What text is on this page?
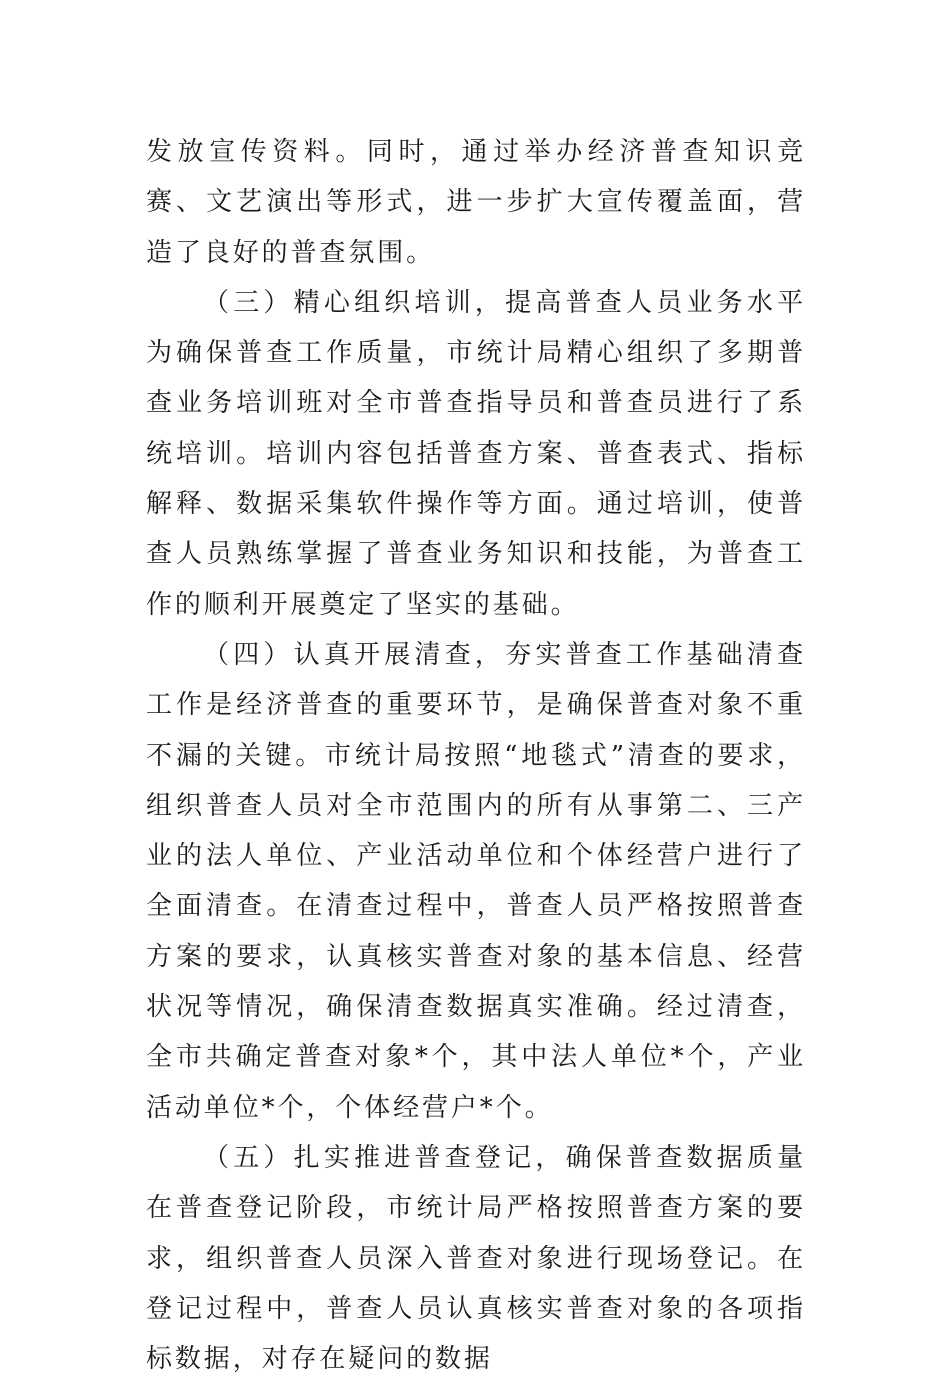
发放宣传资料。同时，通过举办经济普查知识竞赛、文艺演出等形式，进一步扩大宣传覆盖面，营造了良好的普查氛围。

（三）精心组织培训，提高普查人员业务水平为确保普查工作质量，市统计局精心组织了多期普查业务培训班对全市普查指导员和普查员进行了系统培训。培训内容包括普查方案、普查表式、指标解释、数据采集软件操作等方面。通过培训，使普查人员熟练掌握了普查业务知识和技能，为普查工作的顺利开展奠定了坚实的基础。

（四）认真开展清查，夯实普查工作基础清查工作是经济普查的重要环节，是确保普查对象不重不漏的关键。市统计局按照“地毯式”清查的要求，组织普查人员对全市范围内的所有从事第二、三产业的法人单位、产业活动单位和个体经营户进行了全面清查。在清查过程中，普查人员严格按照普查方案的要求，认真核实普查对象的基本信息、经营状况等情况，确保清查数据真实准确。经过清查，全市共确定普查对象*个，其中法人单位*个，产业活动单位*个，个体经营户*个。

（五）扎实推进普查登记，确保普查数据质量在普查登记阶段，市统计局严格按照普查方案的要求，组织普查人员深入普查对象进行现场登记。在登记过程中，普查人员认真核实普查对象的各项指标数据，对存在疑问的数据
